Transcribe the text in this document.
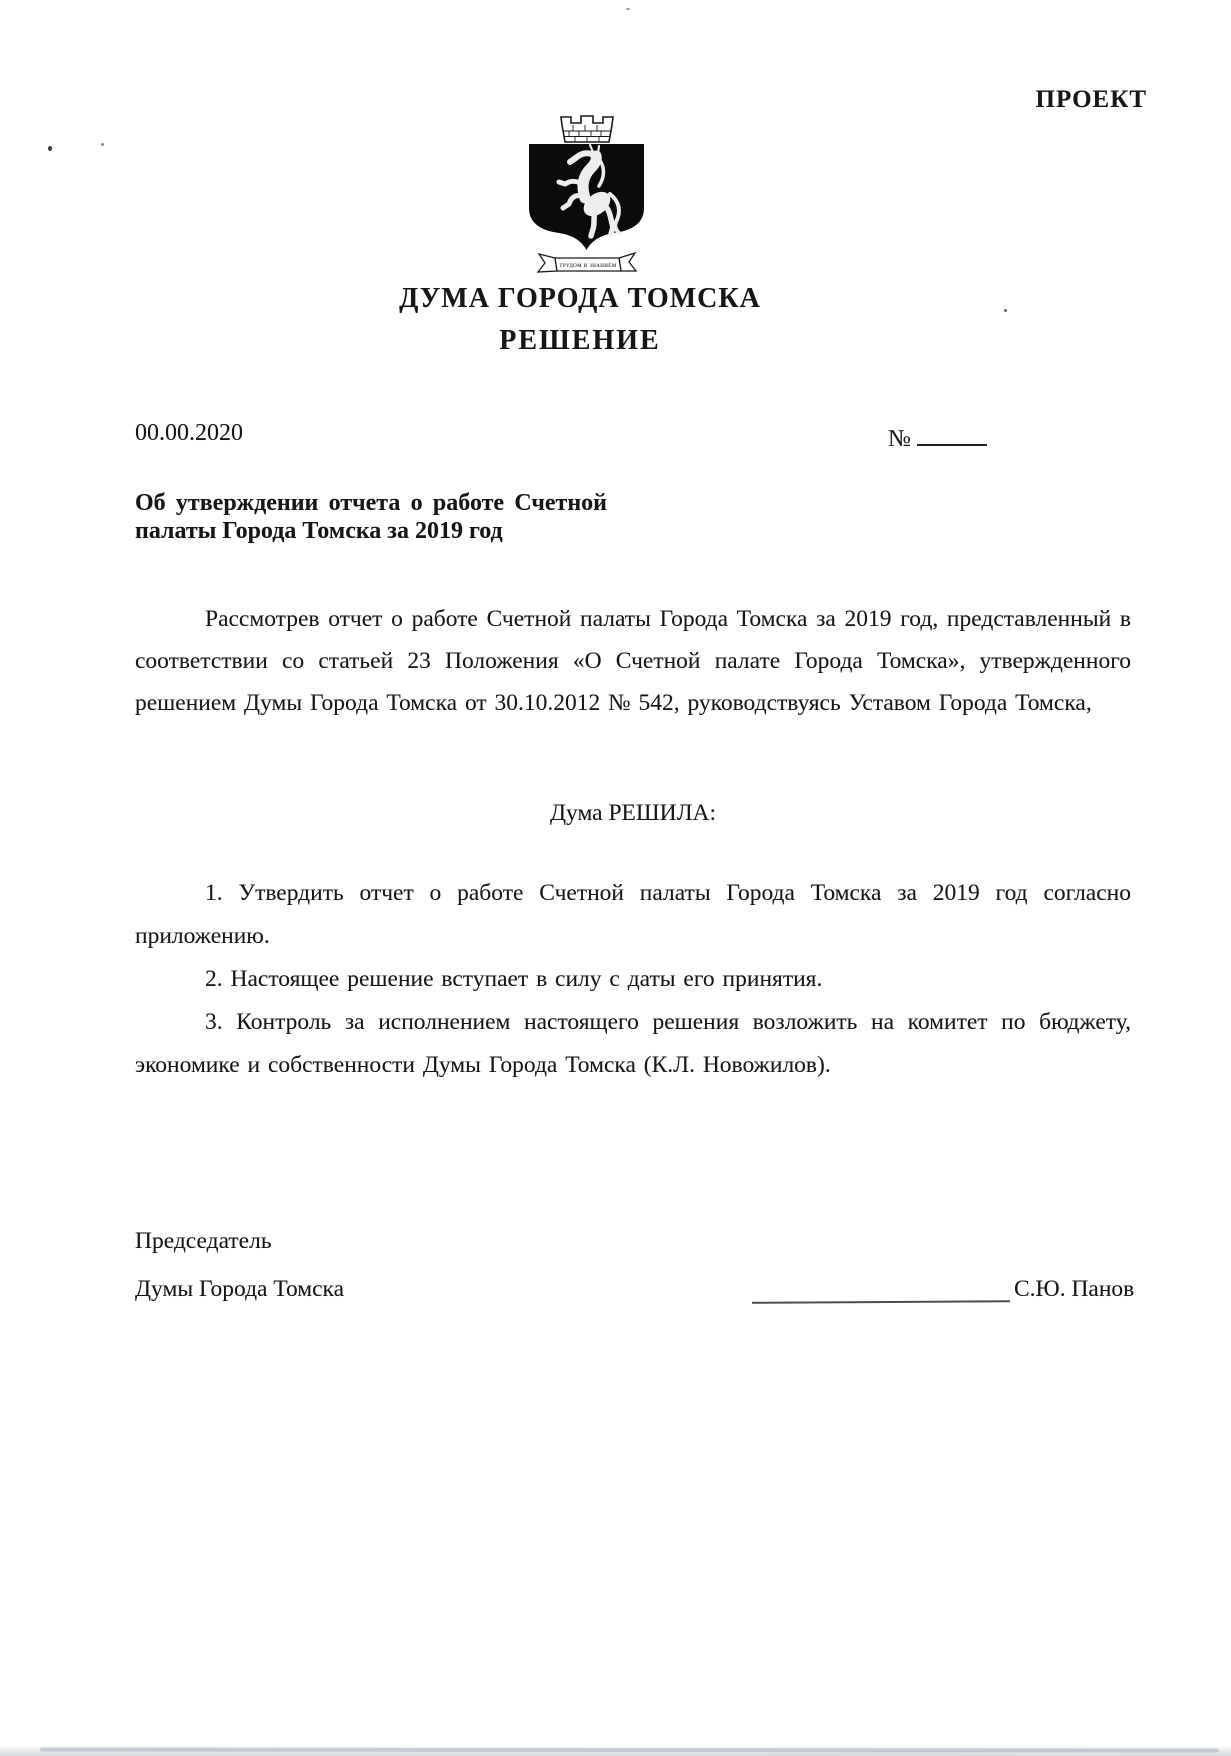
ПРОЕКТ
ТРУДОМ И ЗНАНИЕМ
ДУМА ГОРОДА ТОМСКА
РЕШЕНИЕ
00.00.2020	№
Об утверждении отчета о работе Счетной
палаты Города Томска за 2019 год
Рассмотрев отчет о работе Счетной палаты Города Томска за 2019 год, представленный в соответствии со статьей 23 Положения «О Счетной палате Города Томска», утвержденного решением Думы Города Томска от 30.10.2012 № 542, руководствуясь Уставом Города Томска,
Дума РЕШИЛА:

1. Утвердить отчет о работе Счетной палаты Города Томска за 2019 год согласно приложению.

2. Настоящее решение вступает в силу с даты его принятия.

3. Контроль за исполнением настоящего решения возложить на комитет по бюджету, экономике и собственности Думы Города Томска (К.Л. Новожилов).

Председатель
Думы Города Томска	С.Ю. Панов
